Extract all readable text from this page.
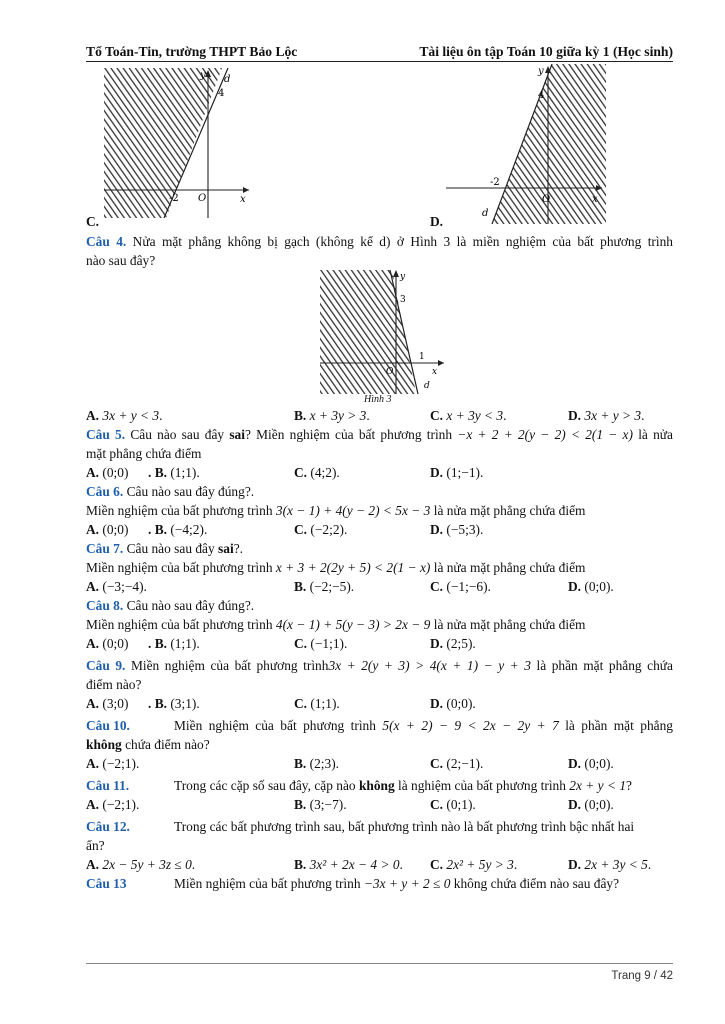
Tổ Toán-Tin, trường THPT Bảo Lộc	Tài liệu ôn tập Toán 10 giữa kỳ 1 (Học sinh)
4
-2 O	x
y d
C.
4
-2
O	x
y
d
D.
Câu 4. Nửa mặt phẳng không bị gạch (không kể d) ở Hình 3 là miền nghiệm của bất phương trình
nào sau đây?
3
1
O	x
y
d
Hình 3
A. 3x + y < 3.	B. x + 3y > 3.	C. x + 3y < 3.	D. 3x + y > 3.
Câu 5. Câu nào sau đây sai? Miền nghiệm của bất phương trình −x + 2 + 2(y − 2) < 2(1 − x) là nửa
mặt phẳng chứa điểm
A. (0;0) . B. (1;1).	C. (4;2).	D. (1;−1).
Câu 6. Câu nào sau đây đúng?.
Miền nghiệm của bất phương trình 3(x − 1) + 4(y − 2) < 5x − 3 là nửa mặt phẳng chứa điểm
A. (0;0) . B. (−4;2).	C. (−2;2).	D. (−5;3).
Câu 7. Câu nào sau đây sai?.
Miền nghiệm của bất phương trình x + 3 + 2(2y + 5) < 2(1 − x) là nửa mặt phẳng chứa điểm
A. (−3;−4).	B. (−2;−5).	C. (−1;−6).	D. (0;0).
Câu 8. Câu nào sau đây đúng?.
Miền nghiệm của bất phương trình 4(x − 1) + 5(y − 3) > 2x − 9 là nửa mặt phẳng chứa điểm
A. (0;0) . B. (1;1).	C. (−1;1).	D. (2;5).
Câu 9. Miền nghiệm của bất phương trình3x + 2(y + 3) > 4(x + 1) − y + 3 là phần mặt phẳng chứa
điểm nào?
A. (3;0) . B. (3;1).	C. (1;1).	D. (0;0).
Câu 10.	Miền nghiệm của bất phương trình 5(x + 2) − 9 < 2x − 2y + 7 là phần mặt phẳng
không chứa điểm nào?
A. (−2;1).	B. (2;3).	C. (2;−1).	D. (0;0).
Câu 11.	Trong các cặp số sau đây, cặp nào không là nghiệm của bất phương trình 2x + y < 1?
A. (−2;1).	B. (3;−7).	C. (0;1).	D. (0;0).
Câu 12.	Trong các bất phương trình sau, bất phương trình nào là bất phương trình bậc nhất hai
ẩn?
A. 2x − 5y + 3z ≤ 0.	B. 3x² + 2x − 4 > 0. C. 2x² + 5y > 3.	D. 2x + 3y < 5.
Câu 13	Miền nghiệm của bất phương trình −3x + y + 2 ≤ 0 không chứa điểm nào sau đây?
Trang 9 / 42
